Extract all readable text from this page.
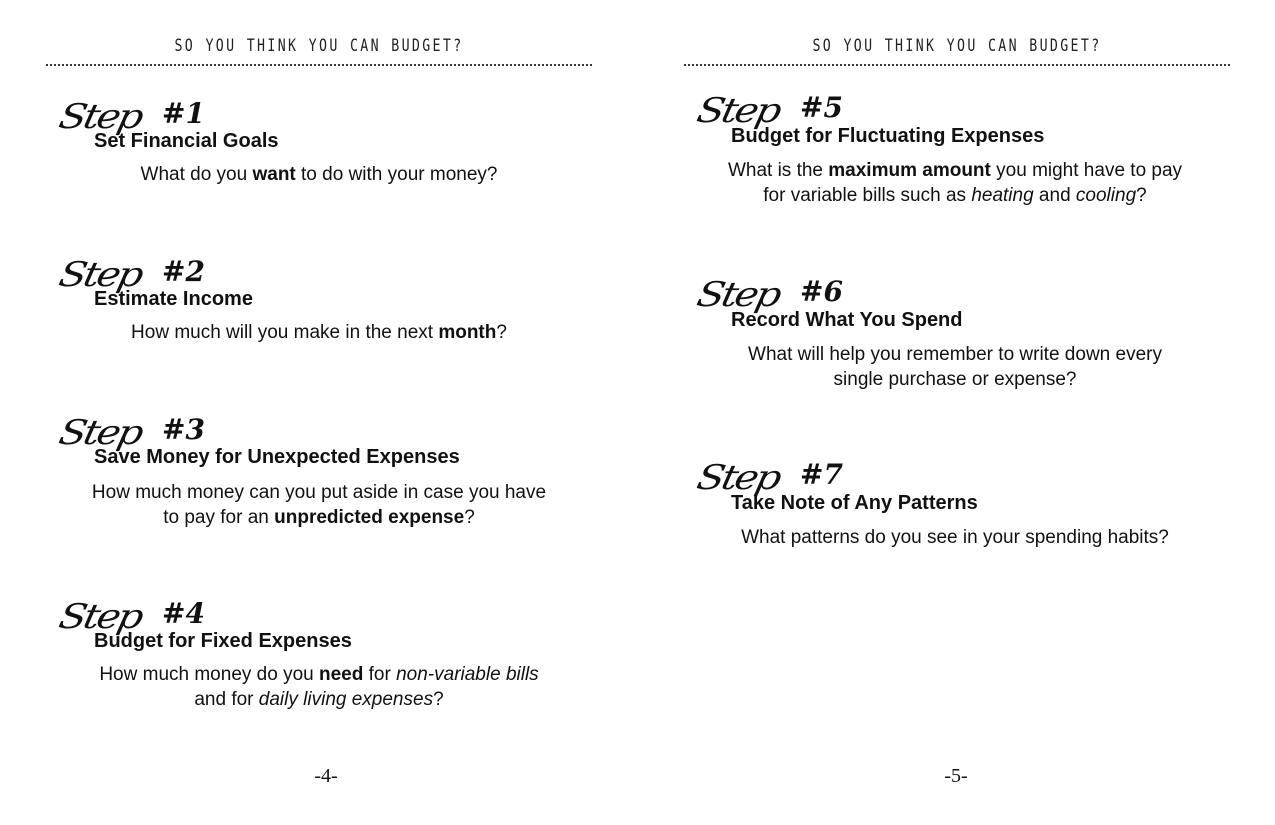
SO YOU THINK YOU CAN BUDGET?
Step #1
Set Financial Goals
What do you want to do with your money?
Step #2
Estimate Income
How much will you make in the next month?
Step #3
Save Money for Unexpected Expenses
How much money can you put aside in case you have
to pay for an unpredicted expense?
Step #4
Budget for Fixed Expenses
How much money do you need for non-variable bills
and for daily living expenses?
-4-
SO YOU THINK YOU CAN BUDGET?
Step #5
Budget for Fluctuating Expenses
What is the maximum amount you might have to pay
for variable bills such as heating and cooling?
Step #6
Record What You Spend
What will help you remember to write down every
single purchase or expense?
Step #7
Take Note of Any Patterns
What patterns do you see in your spending habits?
-5-
